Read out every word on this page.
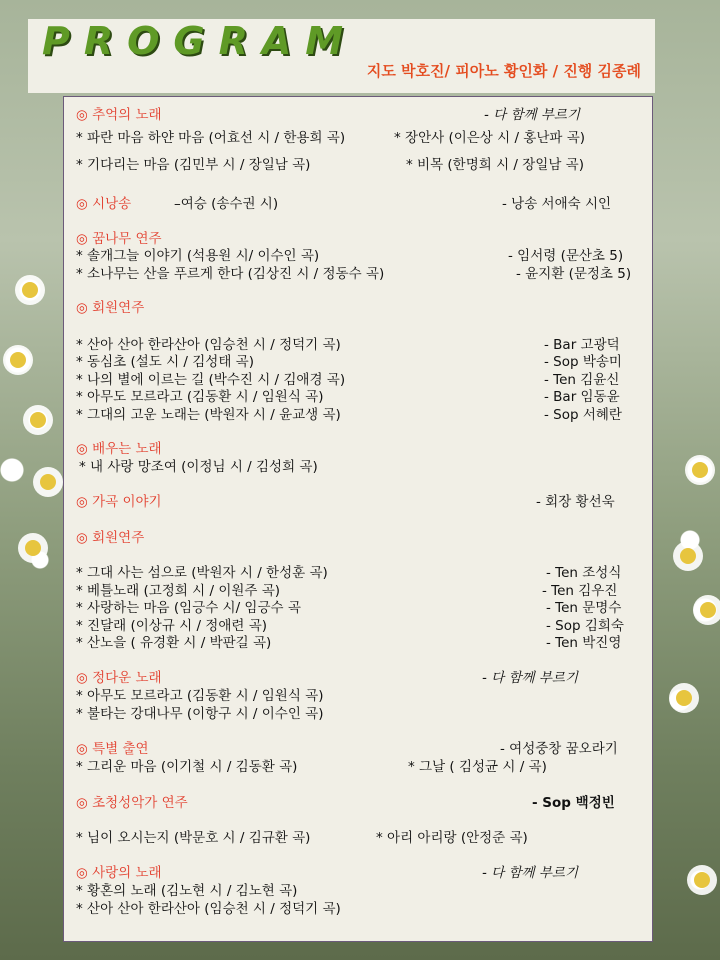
PROGRAM
지도 박호진/ 피아노 황인화 / 진행 김종례
◎ 추억의 노래	- 다 함께 부르기
* 파란 마음 하얀 마음 (어효선 시 / 한용희 곡)	* 장안사 (이은상 시 / 홍난파 곡)
* 기다리는 마음 (김민부 시 / 장일남 곡)	* 비목 (한명희 시 / 장일남 곡)
◎ 시낭송	–여승 (송수권 시)	- 낭송 서애숙 시인
◎ 꿈나무 연주
* 솔개그늘 이야기 (석용원 시/ 이수인 곡)	- 임서령 (문산초 5)
* 소나무는 산을 푸르게 한다 (김상진 시 / 정동수 곡)	- 윤지환 (문정초 5)
◎ 회원연주
* 산아 산아 한라산아 (임승천 시 / 정덕기 곡)	- Bar 고광덕
* 동심초 (설도 시 / 김성태 곡)	- Sop 박송미
* 나의 별에 이르는 길 (박수진 시 / 김애경 곡)	- Ten 김윤신
* 아무도 모르라고 (김동환 시 / 임원식 곡)	- Bar 임동윤
* 그대의 고운 노래는 (박원자 시 / 윤교생 곡)	- Sop 서혜란
◎ 배우는 노래
* 내 사랑 망조여 (이정님 시 / 김성희 곡)
◎ 가곡 이야기	- 회장 황선욱
◎ 회원연주
* 그대 사는 섬으로 (박원자 시 / 한성훈 곡)	- Ten 조성식
* 베틀노래 (고정희 시 / 이원주 곡)	- Ten 김우진
* 사랑하는 마음 (임긍수 시/ 임긍수 곡	- Ten 문명수
* 진달래 (이상규 시 / 정애련 곡)	- Sop 김희숙
* 산노을 ( 유경환 시 / 박판길 곡)	- Ten 박진영
◎ 정다운 노래	- 다 함께 부르기
* 아무도 모르라고 (김동환 시 / 임원식 곡)
* 불타는 강대나무 (이항구 시 / 이수인 곡)
◎ 특별 출연	- 여성중창 꿈오라기
* 그리운 마음 (이기철 시 / 김동환 곡)	* 그날 ( 김성균 시 / 곡)
◎ 초청성악가 연주	- Sop 백정빈
* 님이 오시는지 (박문호 시 / 김규환 곡)	* 아리 아리랑 (안정준 곡)
◎ 사랑의 노래	- 다 함께 부르기
* 황혼의 노래 (김노현 시 / 김노현 곡)
* 산아 산아 한라산아 (임승천 시 / 정덕기 곡)
